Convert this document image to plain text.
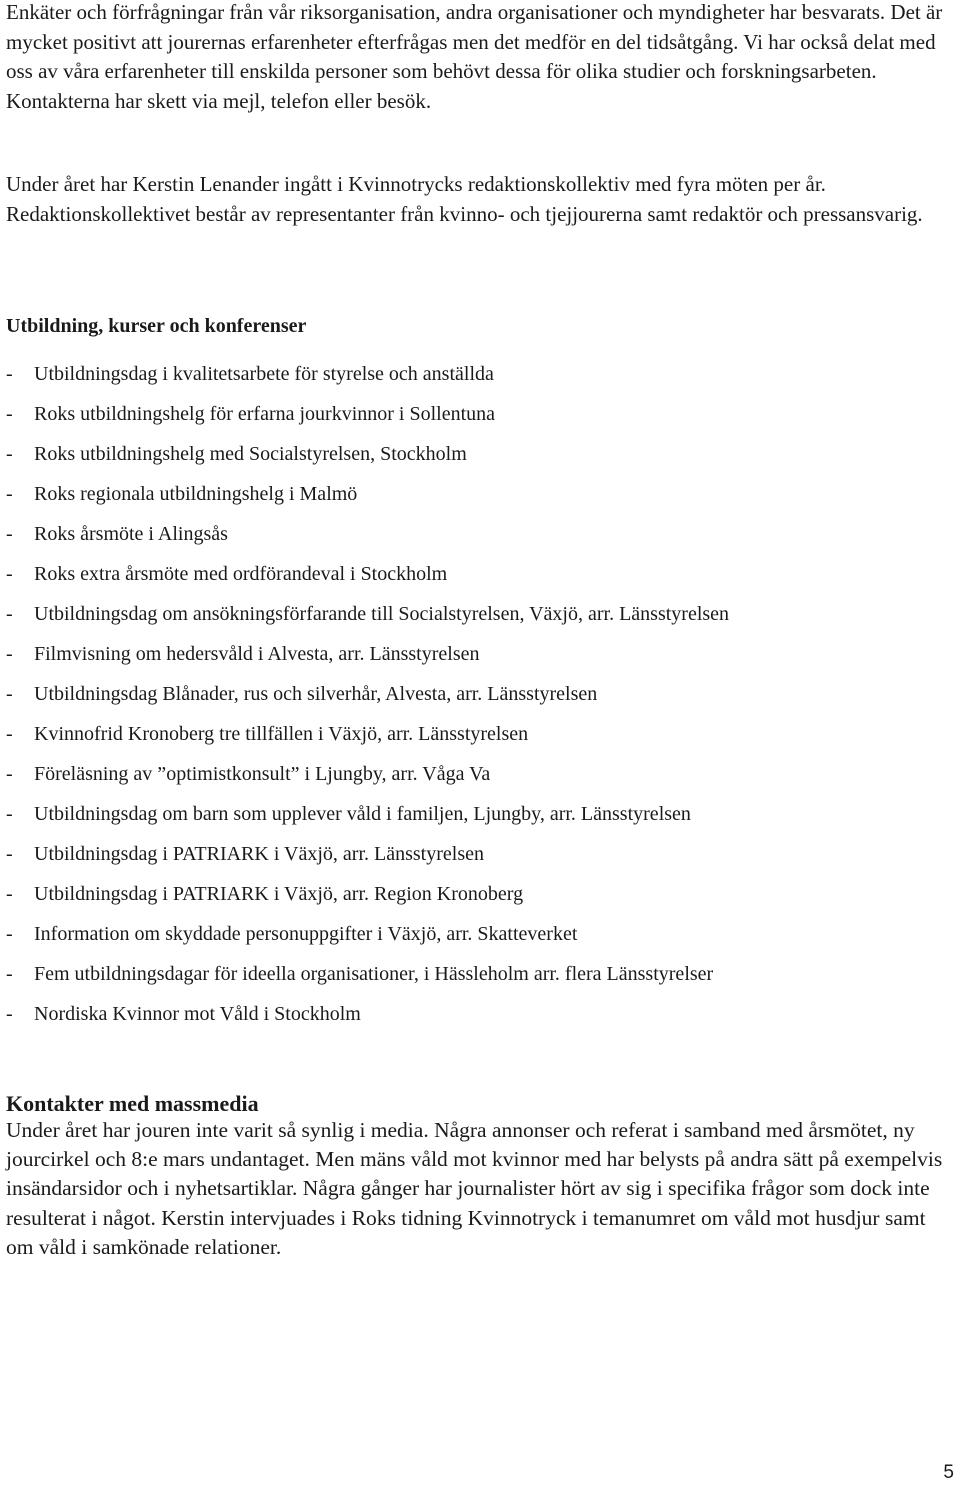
Enkäter och förfrågningar från vår riksorganisation, andra organisationer och myndigheter har besvarats. Det är mycket positivt att jourernas erfarenheter efterfrågas men det medför en del tidsåtgång. Vi har också delat med oss av våra erfarenheter till enskilda personer som behövt dessa för olika studier och forskningsarbeten. Kontakterna har skett via mejl, telefon eller besök.

Under året har Kerstin Lenander ingått i Kvinnotrycks redaktionskollektiv med fyra möten per år. Redaktionskollektivet består av representanter från kvinno- och tjejjourerna samt redaktör och pressansvarig.

Utbildning, kurser och konferenser
- Utbildningsdag i kvalitetsarbete för styrelse och anställda
- Roks utbildningshelg för erfarna jourkvinnor i Sollentuna
- Roks utbildningshelg med Socialstyrelsen, Stockholm
- Roks regionala utbildningshelg i Malmö
- Roks årsmöte i Alingsås
- Roks extra årsmöte med ordförandeval i Stockholm
- Utbildningsdag om ansökningsförfarande till Socialstyrelsen, Växjö, arr. Länsstyrelsen
- Filmvisning om hedersvåld i Alvesta, arr. Länsstyrelsen
- Utbildningsdag Blånader, rus och silverhår, Alvesta, arr. Länsstyrelsen
- Kvinnofrid Kronoberg tre tillfällen i Växjö, arr. Länsstyrelsen
- Föreläsning av ”optimistkonsult” i Ljungby, arr. Våga Va
- Utbildningsdag om barn som upplever våld i familjen, Ljungby, arr. Länsstyrelsen
- Utbildningsdag i PATRIARK i Växjö, arr. Länsstyrelsen
- Utbildningsdag i PATRIARK i Växjö, arr. Region Kronoberg
- Information om skyddade personuppgifter i Växjö, arr. Skatteverket
- Fem utbildningsdagar för ideella organisationer, i Hässleholm arr. flera Länsstyrelser
- Nordiska Kvinnor mot Våld i Stockholm
Kontakter med massmedia

Under året har jouren inte varit så synlig i media. Några annonser och referat i samband med årsmötet, ny jourcirkel och 8:e mars undantaget. Men mäns våld mot kvinnor med har belysts på andra sätt på exempelvis insändarsidor och i nyhetsartiklar. Några gånger har journalister hört av sig i specifika frågor som dock inte resulterat i något. Kerstin intervjuades i Roks tidning Kvinnotryck i temanumret om våld mot husdjur samt om våld i samkönade relationer.

5
